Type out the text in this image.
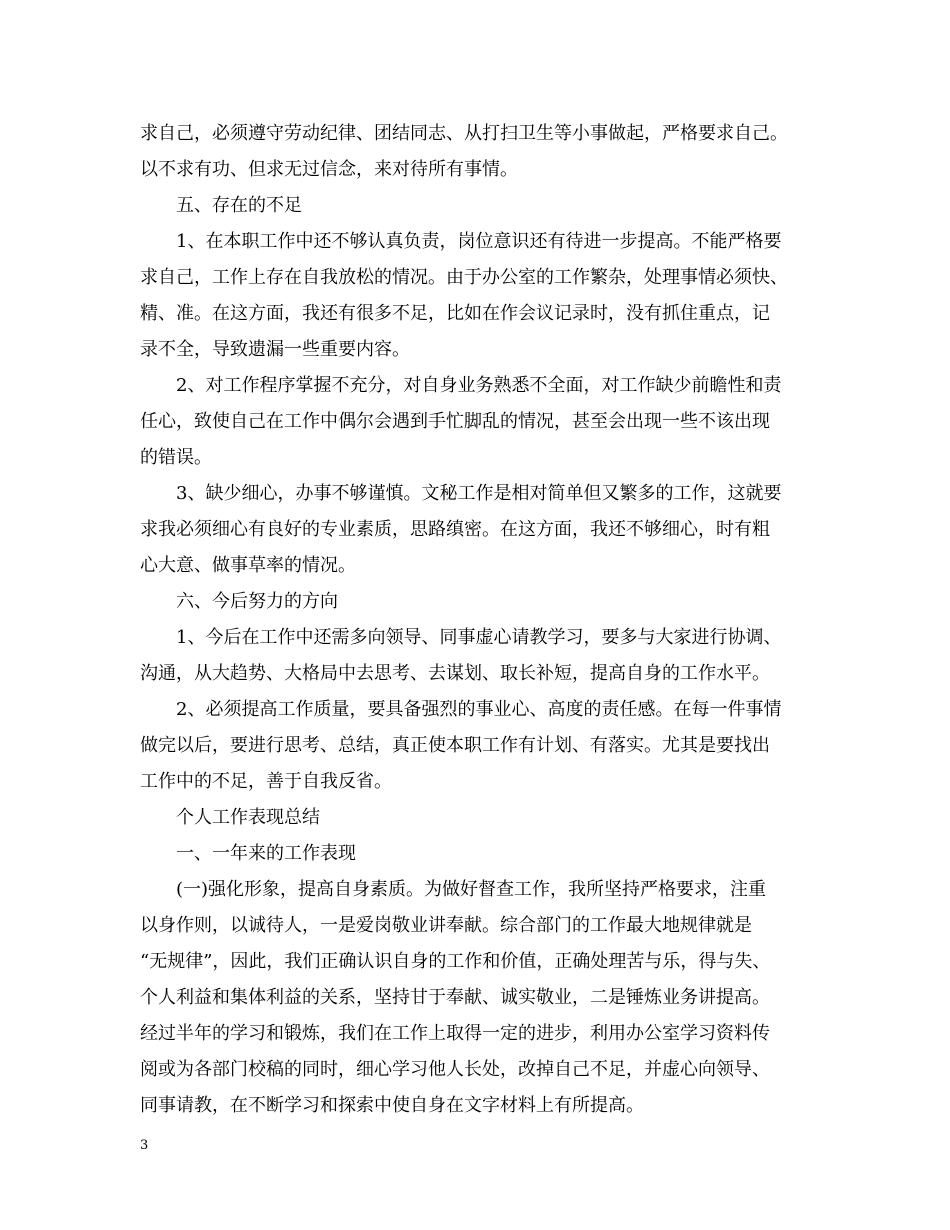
求自己，必须遵守劳动纪律、团结同志、从打扫卫生等小事做起，严格要求自己。
以不求有功、但求无过信念，来对待所有事情。
五、存在的不足
1、在本职工作中还不够认真负责，岗位意识还有待进一步提高。不能严格要
求自己，工作上存在自我放松的情况。由于办公室的工作繁杂，处理事情必须快、
精、准。在这方面，我还有很多不足，比如在作会议记录时，没有抓住重点，记
录不全，导致遗漏一些重要内容。
2、对工作程序掌握不充分，对自身业务熟悉不全面，对工作缺少前瞻性和责
任心，致使自己在工作中偶尔会遇到手忙脚乱的情况，甚至会出现一些不该出现
的错误。
3、缺少细心，办事不够谨慎。文秘工作是相对简单但又繁多的工作，这就要
求我必须细心有良好的专业素质，思路缜密。在这方面，我还不够细心，时有粗
心大意、做事草率的情况。
六、今后努力的方向
1、今后在工作中还需多向领导、同事虚心请教学习，要多与大家进行协调、
沟通，从大趋势、大格局中去思考、去谋划、取长补短，提高自身的工作水平。
2、必须提高工作质量，要具备强烈的事业心、高度的责任感。在每一件事情
做完以后，要进行思考、总结，真正使本职工作有计划、有落实。尤其是要找出
工作中的不足，善于自我反省。
个人工作表现总结
一、一年来的工作表现
(一)强化形象，提高自身素质。为做好督查工作，我所坚持严格要求，注重
以身作则，以诚待人，一是爱岗敬业讲奉献。综合部门的工作最大地规律就是
“无规律”，因此，我们正确认识自身的工作和价值，正确处理苦与乐，得与失、
个人利益和集体利益的关系，坚持甘于奉献、诚实敬业，二是锤炼业务讲提高。
经过半年的学习和锻炼，我们在工作上取得一定的进步，利用办公室学习资料传
阅或为各部门校稿的同时，细心学习他人长处，改掉自己不足，并虚心向领导、
同事请教，在不断学习和探索中使自身在文字材料上有所提高。
3
